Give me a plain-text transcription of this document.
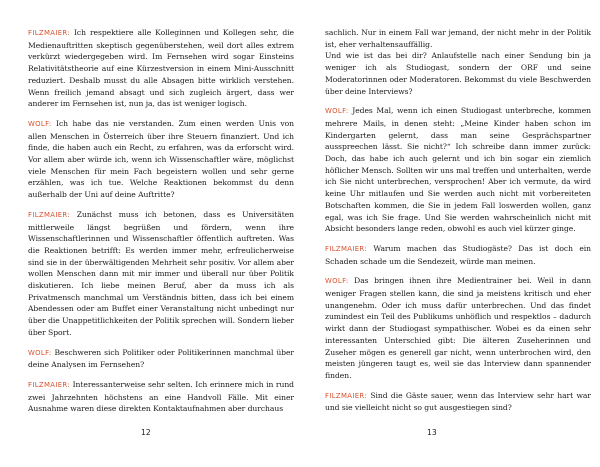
FILZMAIER: Ich respektiere alle Kolleginnen und Kollegen sehr, die Medienauftritten skeptisch gegenüberstehen, weil dort alles extrem verkürzt wiedergegeben wird. Im Fernsehen wird sogar Einsteins Relativitätstheorie auf eine Kürzestversion in einem Mini-Ausschnitt reduziert. Deshalb musst du alle Absagen bitte wirklich verstehen. Wenn freilich jemand absagt und sich zugleich ärgert, dass wer anderer im Fernsehen ist, nun ja, das ist weniger logisch.

WOLF: Ich habe das nie verstanden. Zum einen werden Unis von allen Menschen in Österreich über ihre Steuern finanziert. Und ich finde, die haben auch ein Recht, zu erfahren, was da erforscht wird. Vor allem aber würde ich, wenn ich Wissenschaftler wäre, möglichst viele Menschen für mein Fach begeistern wollen und sehr gerne erzählen, was ich tue. Welche Reaktionen bekommst du denn außerhalb der Uni auf deine Auftritte?

FILZMAIER: Zunächst muss ich betonen, dass es Universitäten mittlerweile längst begrüßen und fördern, wenn ihre Wissenschaftlerinnen und Wissenschaftler öffentlich auftreten. Was die Reaktionen betrifft: Es werden immer mehr, erfreulicherweise sind sie in der überwältigenden Mehrheit sehr positiv. Vor allem aber wollen Menschen dann mit mir immer und überall nur über Politik diskutieren. Ich liebe meinen Beruf, aber da muss ich als Privatmensch manchmal um Verständnis bitten, dass ich bei einem Abendessen oder am Buffet einer Veranstaltung nicht unbedingt nur über die Unappetitlichkeiten der Politik sprechen will. Sondern lieber über Sport.

WOLF: Beschweren sich Politiker oder Politikerinnen manchmal über deine Analysen im Fernsehen?

FILZMAIER: Interessanterweise sehr selten. Ich erinnere mich in rund zwei Jahrzehnten höchstens an eine Handvoll Fälle. Mit einer Ausnahme waren diese direkten Kontaktaufnahmen aber durchaus

12

sachlich. Nur in einem Fall war jemand, der nicht mehr in der Politik ist, eher verhaltensauffällig.

Und wie ist das bei dir? Anlaufstelle nach einer Sendung bin ja weniger ich als Studiogast, sondern der ORF und seine Moderatorinnen oder Moderatoren. Bekommst du viele Beschwerden über deine Interviews?

WOLF: Jedes Mal, wenn ich einen Studiogast unterbreche, kommen mehrere Mails, in denen steht: „Meine Kinder haben schon im Kindergarten gelernt, dass man seine Gesprächspartner ausspreechen lässt. Sie nicht?“ Ich schreibe dann immer zurück: Doch, das habe ich auch gelernt und ich bin sogar ein ziemlich höflicher Mensch. Sollten wir uns mal treffen und unterhalten, werde ich Sie nicht unterbrechen, versprochen! Aber ich vermute, da wird keine Uhr mitlaufen und Sie werden auch nicht mit vorbereiteten Botschaften kommen, die Sie in jedem Fall loswerden wollen, ganz egal, was ich Sie frage. Und Sie werden wahrscheinlich nicht mit Absicht besonders lange reden, obwohl es auch viel kürzer ginge.

FILZMAIER: Warum machen das Studiogäste? Das ist doch ein Schaden schade um die Sendezeit, würde man meinen.

WOLF: Das bringen ihnen ihre Medientrainer bei. Weil in dann weniger Fragen stellen kann, die sind ja meistens kritisch und eher unangenehm. Oder ich muss dafür unterbrechen. Und das findet zumindest ein Teil des Publikums unhöflich und respektlos – dadurch wirkt dann der Studiogast sympathischer. Wobei es da einen sehr interessanten Unterschied gibt: Die älteren Zuseherinnen und Zuseher mögen es generell gar nicht, wenn unterbrochen wird, den meisten jüngeren taugt es, weil sie das Interview dann spannender finden.

FILZMAIER: Sind die Gäste sauer, wenn das Interview sehr hart war und sie vielleicht nicht so gut ausgestiegen sind?

13
